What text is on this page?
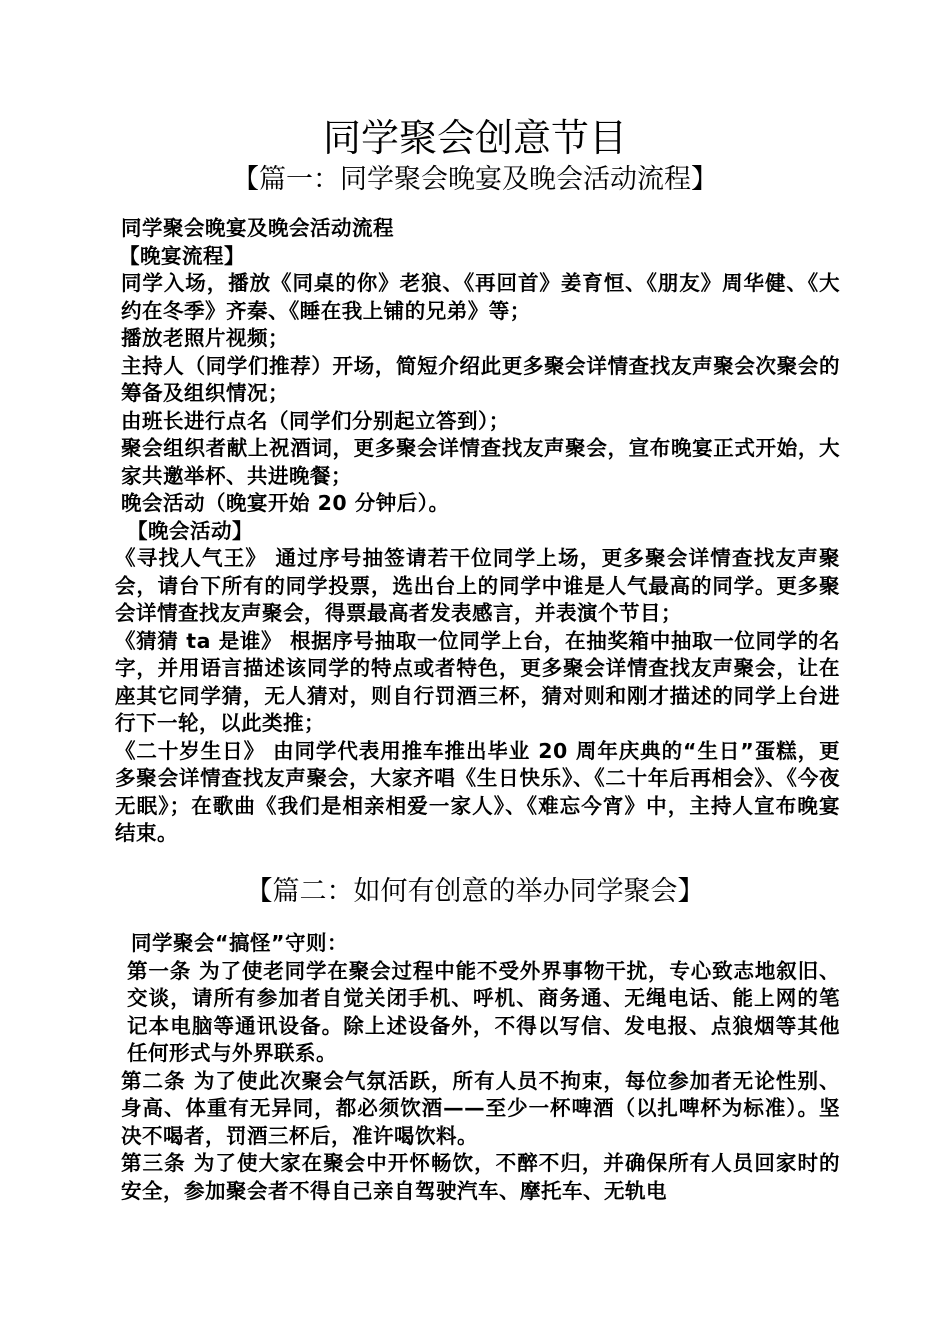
同学聚会创意节目
【篇一：同学聚会晚宴及晚会活动流程】

同学聚会晚宴及晚会活动流程

【晚宴流程】

同学入场，播放《同桌的你》老狼、《再回首》姜育恒、《朋友》周华健、《大约在冬季》齐秦、《睡在我上铺的兄弟》等；

播放老照片视频；

主持人（同学们推荐）开场，简短介绍此更多聚会详情查找友声聚会次聚会的筹备及组织情况；

由班长进行点名（同学们分别起立答到）；

聚会组织者献上祝酒词，更多聚会详情查找友声聚会，宣布晚宴正式开始，大家共邀举杯、共进晚餐；

晚会活动（晚宴开始 20 分钟后）。

【晚会活动】

《寻找人气王》 通过序号抽签请若干位同学上场，更多聚会详情查找友声聚会，请台下所有的同学投票，选出台上的同学中谁是人气最高的同学。更多聚会详情查找友声聚会，得票最高者发表感言，并表演个节目；

《猜猜 ta 是谁》 根据序号抽取一位同学上台，在抽奖箱中抽取一位同学的名字，并用语言描述该同学的特点或者特色，更多聚会详情查找友声聚会，让在座其它同学猜，无人猜对，则自行罚酒三杯，猜对则和刚才描述的同学上台进行下一轮，以此类推；

《二十岁生日》 由同学代表用推车推出毕业 20 周年庆典的“生日”蛋糕，更多聚会详情查找友声聚会，大家齐唱《生日快乐》、《二十年后再相会》、《今夜无眠》；在歌曲《我们是相亲相爱一家人》、《难忘今宵》中，主持人宣布晚宴结束。

【篇二：如何有创意的举办同学聚会】

同学聚会“搞怪”守则：

第一条 为了使老同学在聚会过程中能不受外界事物干扰，专心致志地叙旧、交谈，请所有参加者自觉关闭手机、呼机、商务通、无绳电话、能上网的笔记本电脑等通讯设备。除上述设备外，不得以写信、发电报、点狼烟等其他任何形式与外界联系。

第二条 为了使此次聚会气氛活跃，所有人员不拘束，每位参加者无论性别、身高、体重有无异同，都必须饮酒——至少一杯啤酒（以扎啤杯为标准）。坚决不喝者，罚酒三杯后，准许喝饮料。

第三条 为了使大家在聚会中开怀畅饮，不醉不归，并确保所有人员回家时的安全，参加聚会者不得自己亲自驾驶汽车、摩托车、无轨电
